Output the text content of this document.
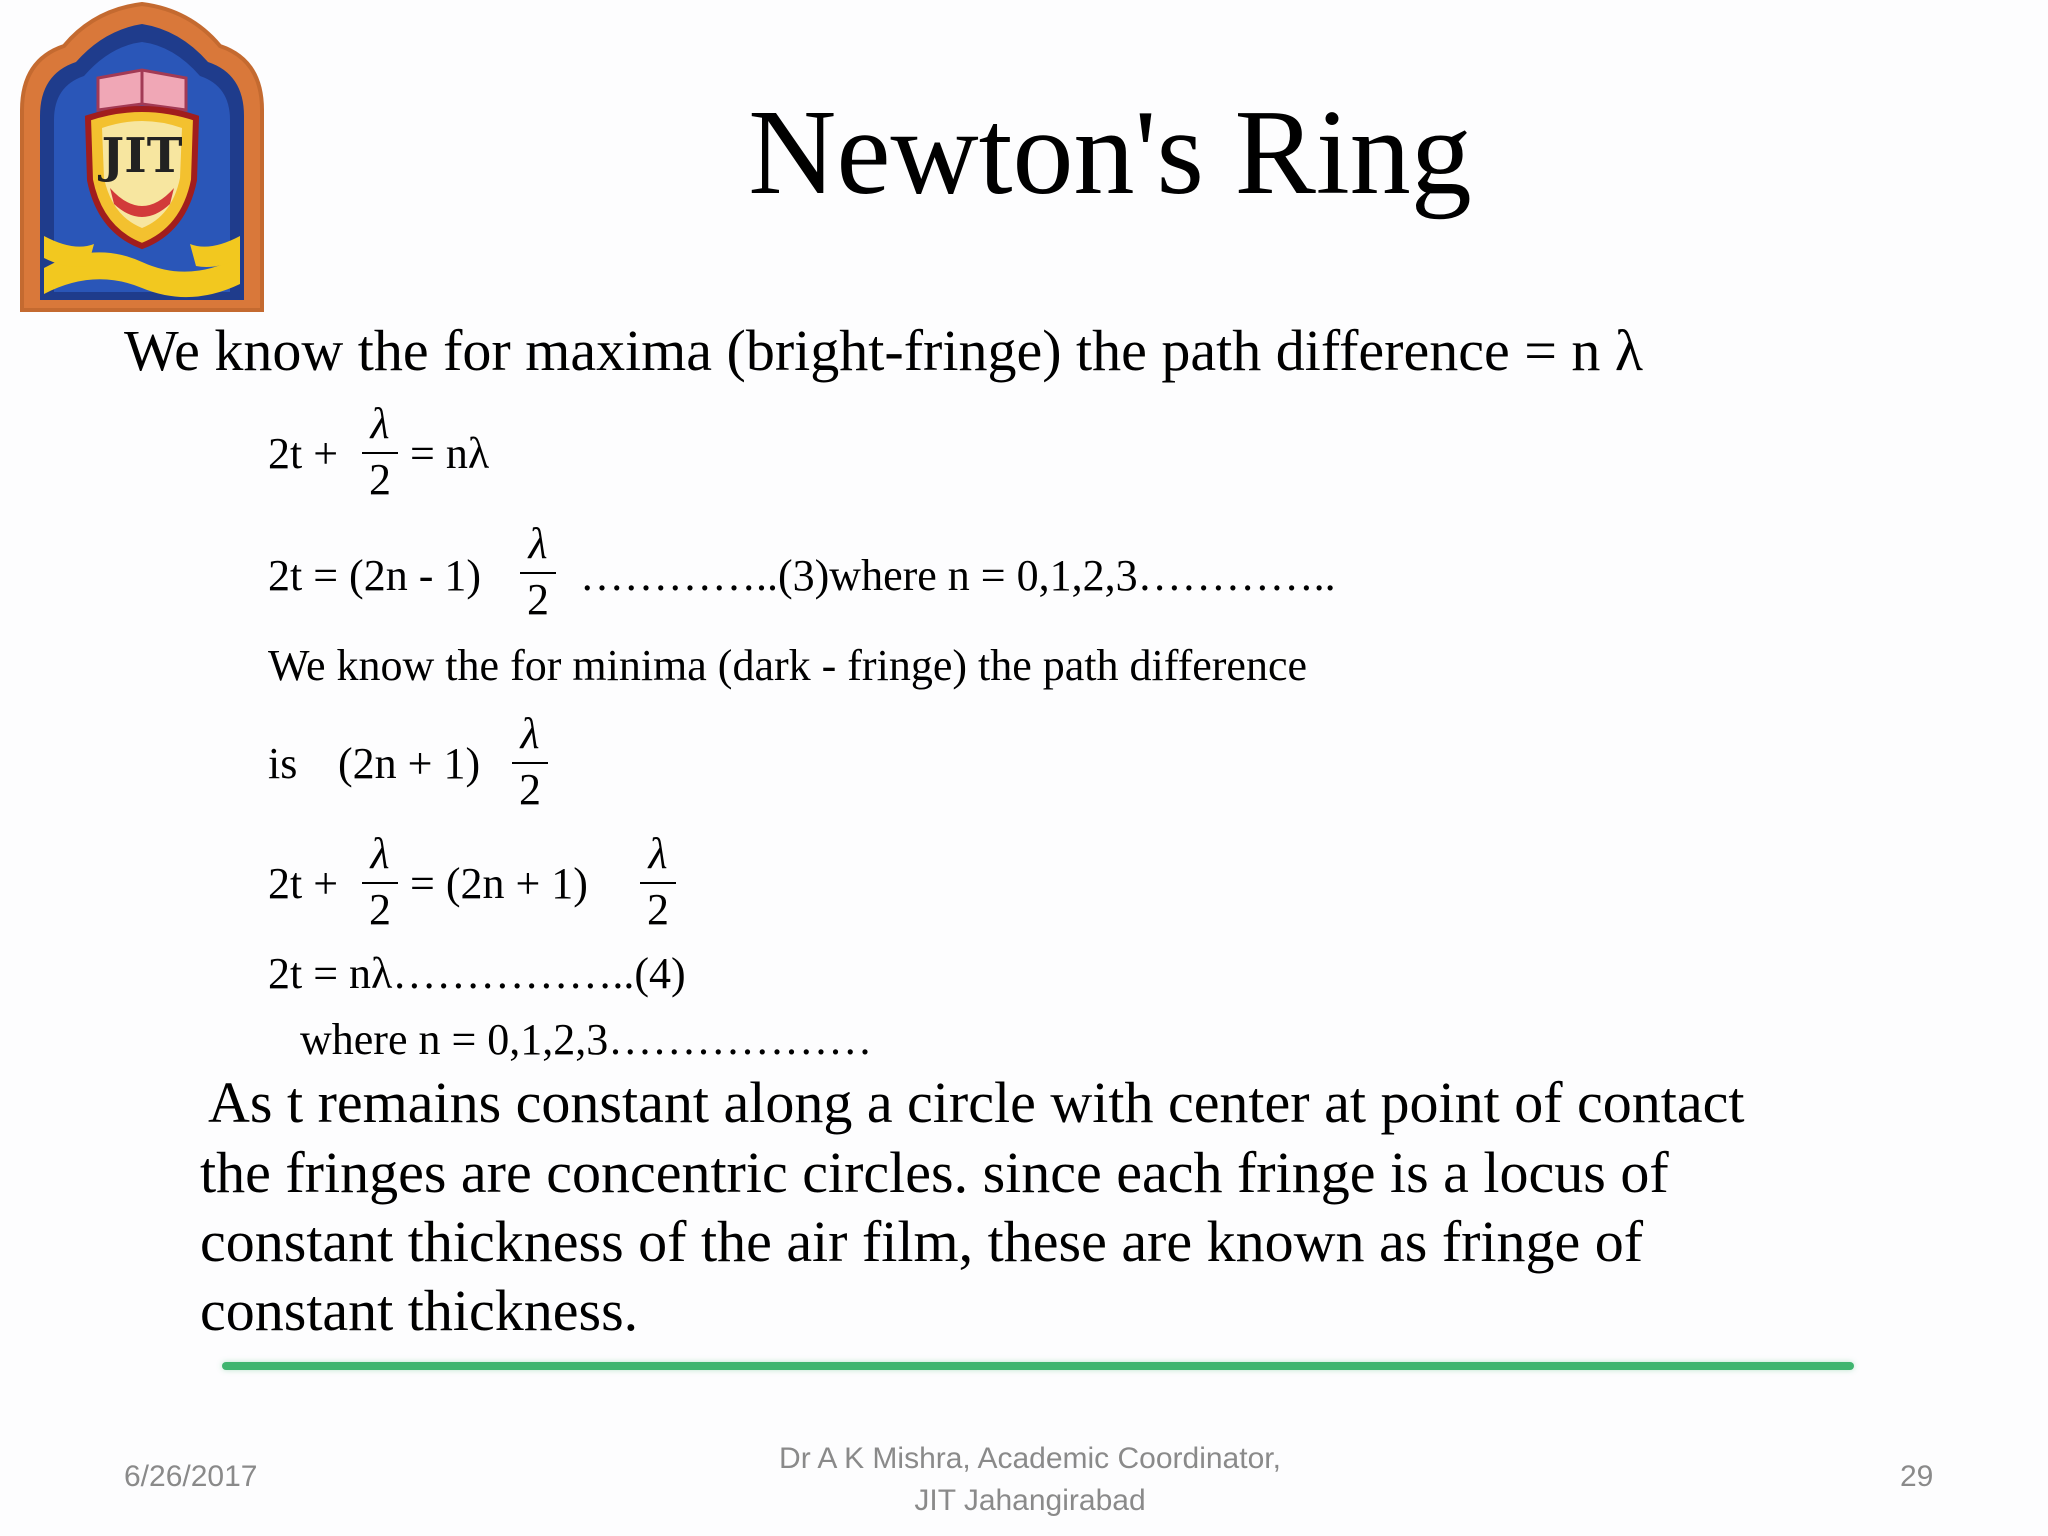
JIT	Newton's Ring
We know the for maxima (bright-fringe) the path difference = n λ
2t +
λ
2
= nλ
2t = (2n - 1)
λ
2 …………..(3)where n = 0,1,2,3…………..
We know the for minima (dark - fringe) the path difference
is (2n + 1)
λ
2
2t +
λ
2
= (2n + 1)
λ
2
2t = nλ……………..(4)
where n = 0,1,2,3………………
As t remains constant along a circle with center at point of contact
the fringes are concentric circles. since each fringe is a locus of
constant thickness of the air film, these are known as fringe of
constant thickness.
6/26/2017
Dr A K Mishra, Academic Coordinator,
JIT Jahangirabad
29
